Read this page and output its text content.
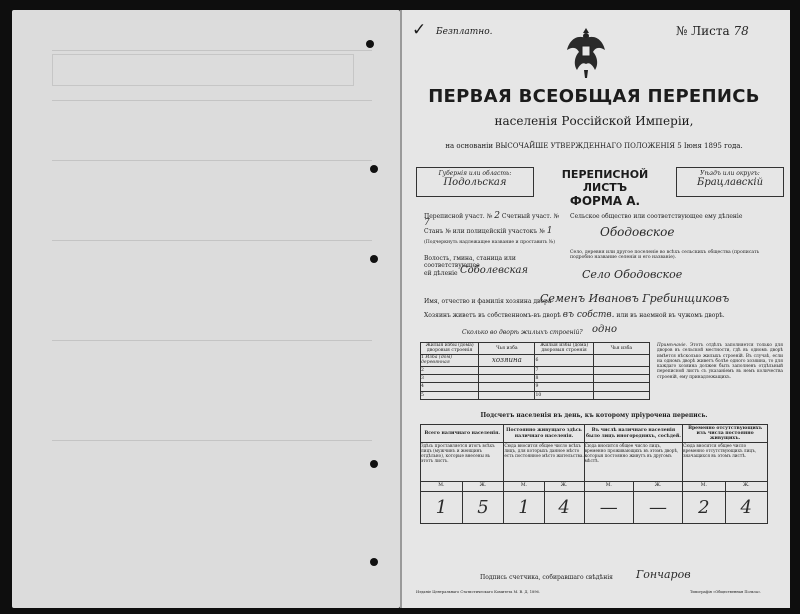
✓ Безплатно.	№ Листа 78
ПЕРВАЯ ВСЕОБЩАЯ ПЕРЕПИСЬ
населенія Россійской Имперіи,
на основаніи ВЫСОЧАЙШЕ УТВЕРЖДЕННАГО ПОЛОЖЕНІЯ 5 Іюня 1895 года.
Губернія или область:
Подольская
ПЕРЕПИСНОЙ ЛИСТЪ
ФОРМА А.
Уѣздъ или округъ:
Брацлавскій
Переписной участ. № 2 Счетный участ. № 7
Станъ № или полицейскій участокъ № 1
(Подчеркнуть надлежащее название и проставить №)
Волость, гмина, станица или соответствующее
ей дѣленіе Соболевская
Сельское общество или соответствующее ему дѣленіе
Ободовское
Село, деревня или другое поселеніе во всѣхъ сельскихъ общества (прописать подробно название селенія и его названіе).
Село Ободовское
Имя, отчество и фамилія хозяина двора
Семенъ Ивановъ Гребинщиковъ
Хозяинъ живетъ въ собственномъ-въ дворѣ въ собств. или въ наемной въ чужомъ дворѣ.
Сколько во дворѣ жилыхъ строеній? одно
Жилыя избы (дома) дворовыя строенія	Чья изба	Жилыя избы (дома) дворовыя строенія	Чья изба
1 Изба (дом) деревянная	хозяина	6	
2		7	
3		8	
4		9	
5		10	
Примѣчаніе. Этотъ отдѣлъ заполняется только для дворов въ сельской местности, гдѣ въ одномъ дворѣ имѣется нѣсколько жилыхъ строеній. Въ случаѣ, если на одномъ дворѣ живетъ болѣе одного хозяина, то для каждаго хозяина должен быть заполненъ отдѣльный переписной листъ съ указаніемъ въ немъ количества строеній, ему принадлежащихъ.
Подсчетъ населенія въ день, къ которому пріурочена перепись.
Всего наличнаго населенія.		Постоянно живущаго здѣсь наличнаго населенія.		Въ числѣ наличнаго населенія было лицъ иногороднихъ, сосѣдей.		Временно отсутствующихъ изъ числа постоянно живущихъ.	
Здѣсь проставляется итогъ всѣхъ лицъ (мужчинъ и женщинъ отдѣльно), которые внесены въ этотъ листъ.		Сюда вносится общее число всѣхъ лицъ, для которыхъ данное мѣсто есть постоянное мѣсто жительства.		Сюда вносится общее число лицъ, временно проживающихъ въ этомъ дворѣ, которыя постоянно живутъ въ другомъ мѣстѣ.		Сюда вносится общее число временно отсутствующихъ лицъ, значащихся въ этомъ листѣ.	
М.	Ж.	М.	Ж.	М.	Ж.	М.	Ж.
1	5	1	4	—	—	2	4
Подпись счетчика, собиравшаго свѣдѣнія Гончаров
Изданіе Центральнаго Статистическаго Комитета М. В. Д. 1896.	Типографія «Общественная Польза».
